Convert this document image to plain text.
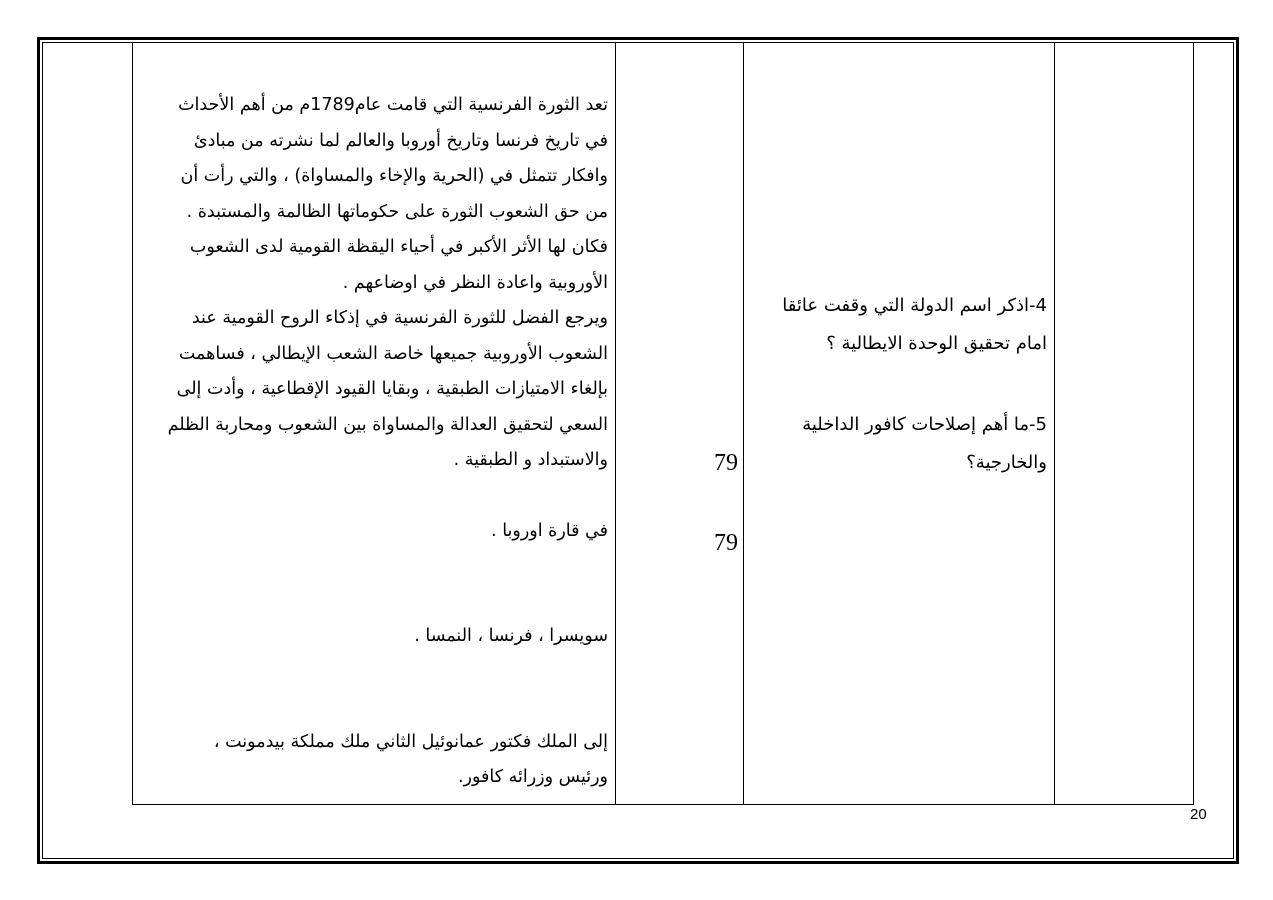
تعد الثورة الفرنسية التي قامت عام1789م من أهم الأحداث

في تاريخ فرنسا وتاريخ أوروبا والعالم لما نشرته من مبادئ

وافكار تتمثل في (الحرية والإخاء والمساواة) ، والتي رأت أن

من حق الشعوب الثورة على حكوماتها الظالمة والمستبدة .

فكان لها الأثر الأكبر في أحياء اليقظة القومية لدى الشعوب

الأوروبية واعادة النظر في اوضاعهم .

ويرجع الفضل للثورة الفرنسية في إذكاء الروح القومية عند

الشعوب الأوروبية جميعها خاصة الشعب الإيطالي ، فساهمت

بإلغاء الامتيازات الطبقية ، وبقايا القيود الإقطاعية ، وأدت إلى

السعي لتحقيق العدالة والمساواة بين الشعوب ومحاربة الظلم

والاستبداد و الطبقية .

في قارة اوروبا .

سويسرا ، فرنسا ، النمسا .

إلى الملك فكتور عمانوئيل الثاني ملك مملكة بيدمونت ،

ورئيس وزرائه كافور.

79
79
4-اذكر اسم الدولة التي وقفت عائقا
امام تحقيق الوحدة الايطالية ؟
5-ما أهم إصلاحات كافور الداخلية
والخارجية؟
20
